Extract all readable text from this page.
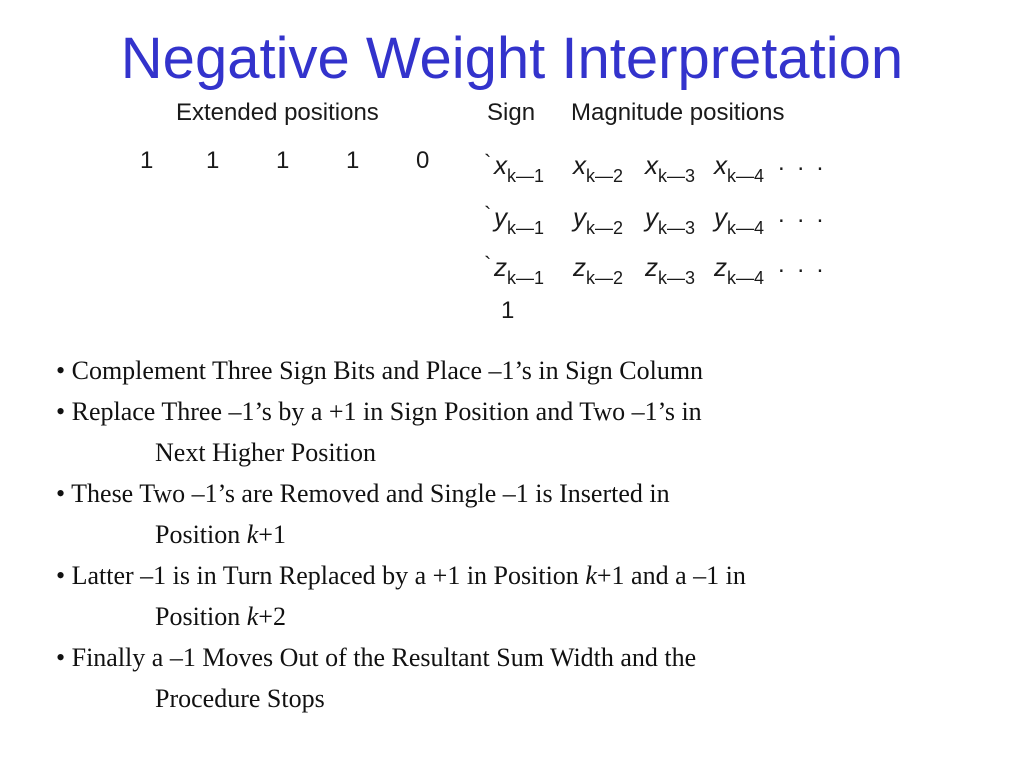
Negative Weight Interpretation
Extended positions	Sign Magnitude positions
1 1 1 1 0 ` $x_{k—1}$ $x_{k—2}$ $x_{k—3}$ $x_{k—4}$ . . .
` $y_{k—1}$ $y_{k—2}$ $y_{k—3}$ $y_{k—4}$ . . .
` $z_{k—1}$ $z_{k—2}$ $z_{k—3}$ $z_{k—4}$ . . .
1
• Complement Three Sign Bits and Place –1’s in Sign Column
• Replace Three –1’s by a +1 in Sign Position and Two –1’s in
Next Higher Position
• These Two –1’s are Removed and Single –1 is Inserted in
Position k+1
• Latter –1 is in Turn Replaced by a +1 in Position k+1 and a –1 in
Position k+2
• Finally a –1 Moves Out of the Resultant Sum Width and the
Procedure Stops
